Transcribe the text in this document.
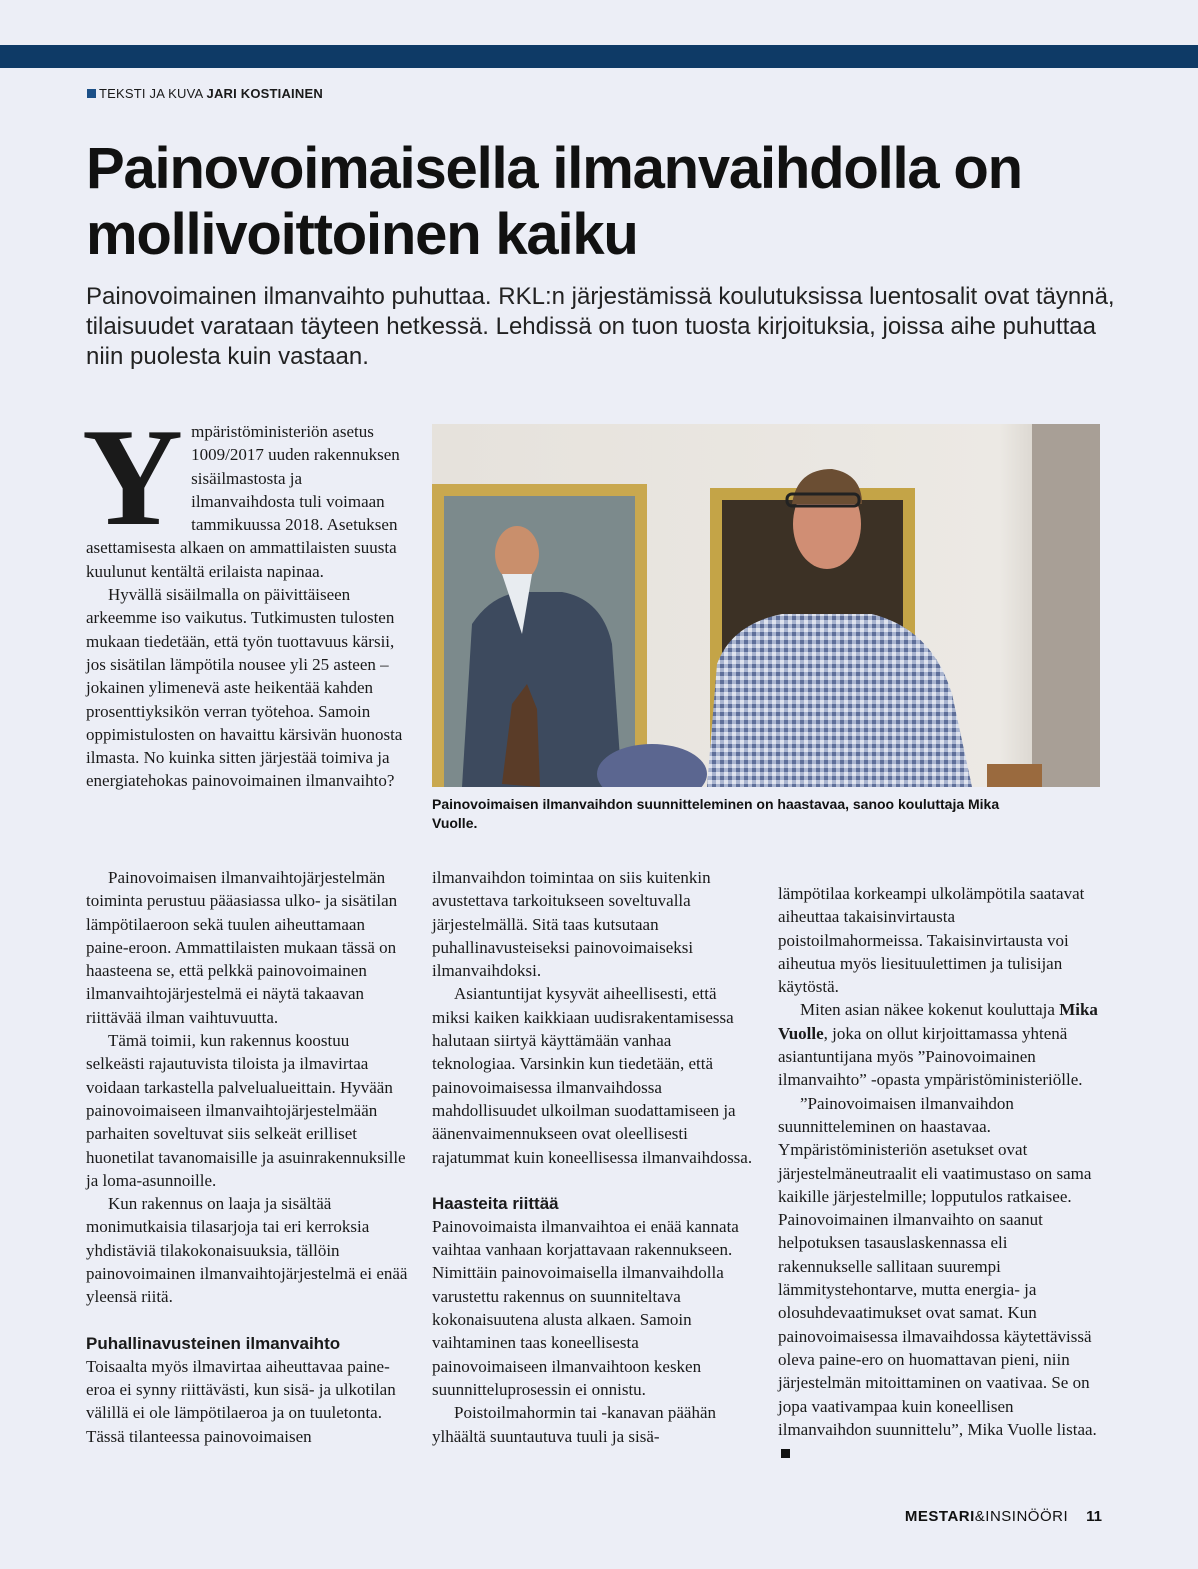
TEKSTI JA KUVA JARI KOSTIAINEN
Painovoimaisella ilmanvaihdolla on mollivoittoinen kaiku

Painovoimainen ilmanvaihto puhuttaa. RKL:n järjestämissä koulutuksissa luentosalit ovat täynnä, tilaisuudet varataan täyteen hetkessä. Lehdissä on tuon tuosta kirjoituksia, joissa aihe puhuttaa niin puolesta kuin vastaan.

Ympäristöministeriön asetus 1009/2017 uuden rakennuksen sisäilmastosta ja ilmanvaihdosta tuli voimaan tammikuussa 2018. Asetuksen asettamisesta alkaen on ammattilaisten suusta kuulunut kentältä erilaista napinaa.

Hyvällä sisäilmalla on päivittäiseen arkeemme iso vaikutus. Tutkimusten tulosten mukaan tiedetään, että työn tuottavuus kärsii, jos sisätilan lämpötila nousee yli 25 asteen – jokainen ylimenevä aste heikentää kahden prosenttiyksikön verran työtehoa. Samoin oppimistulosten on havaittu kärsivän huonosta ilmasta. No kuinka sitten järjestää toimiva ja energiatehokas painovoimainen ilmanvaihto?

Painovoimaisen ilmanvaihtojärjestelmän toiminta perustuu pääasiassa ulko- ja sisätilan lämpötilaeroon sekä tuulen aiheuttamaan paine-eroon. Ammattilaisten mukaan tässä on haasteena se, että pelkkä painovoimainen ilmanvaihtojärjestelmä ei näytä takaavan riittävää ilman vaihtuvuutta.

Tämä toimii, kun rakennus koostuu selkeästi rajautuvista tiloista ja ilmavirtaa voidaan tarkastella palvelualueittain. Hyvään painovoimaiseen ilmanvaihtojärjestelmään parhaiten soveltuvat siis selkeät erilliset huonetilat tavanomaisille ja asuinrakennuksille ja loma-asunnoille.

Kun rakennus on laaja ja sisältää monimutkaisia tilasarjoja tai eri kerroksia yhdistäviä tilakokonaisuuksia, tällöin painovoimainen ilmanvaihtojärjestelmä ei enää yleensä riitä.

Puhallinavusteinen ilmanvaihto

Toisaalta myös ilmavirtaa aiheuttavaa paine-eroa ei synny riittävästi, kun sisä- ja ulkotilan välillä ei ole lämpötilaeroa ja on tuuletonta. Tässä tilanteessa painovoimaisen ilmanvaihdon toimintaa on siis kuitenkin avustettava tarkoitukseen soveltuvalla järjestelmällä. Sitä taas kutsutaan puhallinavusteiseksi painovoimaiseksi ilmanvaihdoksi.

Asiantuntijat kysyvät aiheellisesti, että miksi kaiken kaikkiaan uudisrakentamisessa halutaan siirtyä käyttämään vanhaa teknologiaa. Varsinkin kun tiedetään, että painovoimaisessa ilmanvaihdossa mahdollisuudet ulkoilman suodattamiseen ja äänenvaimennukseen ovat oleellisesti rajatummat kuin koneellisessa ilmanvaihdossa.

Haasteita riittää

Painovoimaista ilmanvaihtoa ei enää kannata vaihtaa vanhaan korjattavaan rakennukseen. Nimittäin painovoimaisella ilmanvaihdolla varustettu rakennus on suunniteltava kokonaisuutena alusta alkaen. Samoin vaihtaminen taas koneellisesta painovoimaiseen ilmanvaihtoon kesken suunnitteluprosessin ei onnistu.

Poistoilmahormin tai -kanavan päähän ylhäältä suuntautuva tuuli ja sisä-

Painovoimaisen ilmanvaihdon suunnitteleminen on haastavaa, sanoo kouluttaja Mika Vuolle.

lämpötilaa korkeampi ulkolämpötila saatavat aiheuttaa takaisinvirtausta poistoilmahormeissa. Takaisinvirtausta voi aiheutua myös liesituulettimen ja tulisijan käytöstä.

Miten asian näkee kokenut kouluttaja Mika Vuolle, joka on ollut kirjoittamassa yhtenä asiantuntijana myös ”Painovoimainen ilmanvaihto” -opasta ympäristöministeriölle.

”Painovoimaisen ilmanvaihdon suunnitteleminen on haastavaa. Ympäristöministeriön asetukset ovat järjestelmäneutraalit eli vaatimustaso on sama kaikille järjestelmille; lopputulos ratkaisee. Painovoimainen ilmanvaihto on saanut helpotuksen tasauslaskennassa eli rakennukselle sallitaan suurempi lämmitystehontarve, mutta energia- ja olosuhdevaatimukset ovat samat. Kun painovoimaisessa ilmavaihdossa käytettävissä oleva paine-ero on huomattavan pieni, niin järjestelmän mitoittaminen on vaativaa. Se on jopa vaativampaa kuin koneellisen ilmanvaihdon suunnittelu”, Mika Vuolle listaa.

MESTARI&INSINÖÖRI 11
